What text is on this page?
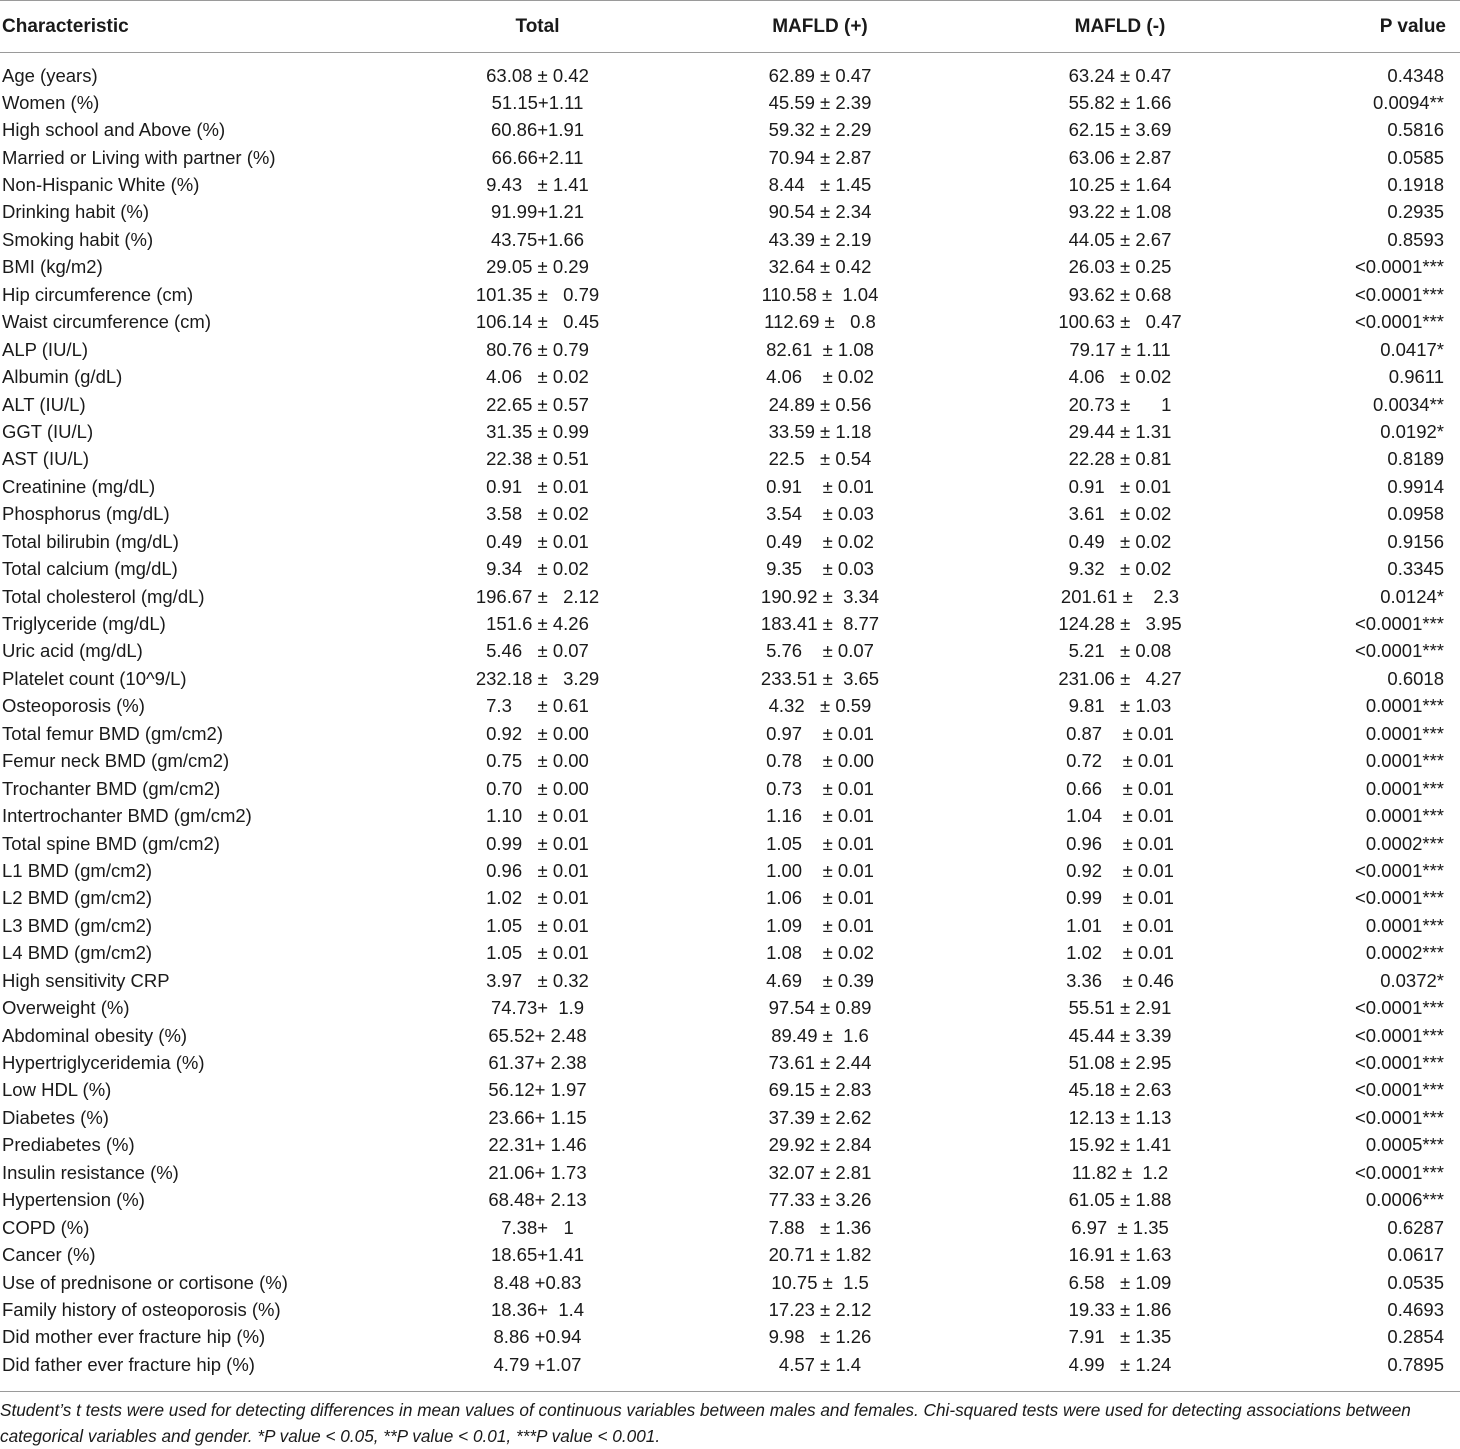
Characteristic	Total	MAFLD (+)	MAFLD (-)	P value
Age (years)	63.08 ± 0.42	62.89 ± 0.47	63.24 ± 0.47	0.4348
Women (%)	51.15+1.11	45.59 ± 2.39	55.82 ± 1.66	0.0094**
High school and Above (%)	60.86+1.91	59.32 ± 2.29	62.15 ± 3.69	0.5816
Married or Living with partner (%)	66.66+2.11	70.94 ± 2.87	63.06 ± 2.87	0.0585
Non-Hispanic White (%)	9.43   ± 1.41	8.44   ± 1.45	10.25 ± 1.64	0.1918
Drinking habit (%)	91.99+1.21	90.54 ± 2.34	93.22 ± 1.08	0.2935
Smoking habit (%)	43.75+1.66	43.39 ± 2.19	44.05 ± 2.67	0.8593
BMI (kg/m2)	29.05 ± 0.29	32.64 ± 0.42	26.03 ± 0.25	<0.0001***
Hip circumference (cm)	101.35 ±   0.79	110.58 ±  1.04	93.62 ± 0.68	<0.0001***
Waist circumference (cm)	106.14 ±   0.45	112.69 ±   0.8	100.63 ±   0.47	<0.0001***
ALP (IU/L)	80.76 ± 0.79	82.61  ± 1.08	79.17 ± 1.11	0.0417*
Albumin (g/dL)	4.06   ± 0.02	4.06    ± 0.02	4.06   ± 0.02	0.9611
ALT (IU/L)	22.65 ± 0.57	24.89 ± 0.56	20.73 ±      1	0.0034**
GGT (IU/L)	31.35 ± 0.99	33.59 ± 1.18	29.44 ± 1.31	0.0192*
AST (IU/L)	22.38 ± 0.51	22.5   ± 0.54	22.28 ± 0.81	0.8189
Creatinine (mg/dL)	0.91   ± 0.01	0.91    ± 0.01	0.91   ± 0.01	0.9914
Phosphorus (mg/dL)	3.58   ± 0.02	3.54    ± 0.03	3.61   ± 0.02	0.0958
Total bilirubin (mg/dL)	0.49   ± 0.01	0.49    ± 0.02	0.49   ± 0.02	0.9156
Total calcium (mg/dL)	9.34   ± 0.02	9.35    ± 0.03	9.32   ± 0.02	0.3345
Total cholesterol (mg/dL)	196.67 ±   2.12	190.92 ±  3.34	201.61 ±    2.3	0.0124*
Triglyceride (mg/dL)	151.6 ± 4.26	183.41 ±  8.77	124.28 ±   3.95	<0.0001***
Uric acid (mg/dL)	5.46   ± 0.07	5.76    ± 0.07	5.21   ± 0.08	<0.0001***
Platelet count (10^9/L)	232.18 ±   3.29	233.51 ±  3.65	231.06 ±   4.27	0.6018
Osteoporosis (%)	7.3     ± 0.61	4.32   ± 0.59	9.81   ± 1.03	0.0001***
Total femur BMD (gm/cm2)	0.92   ± 0.00	0.97    ± 0.01	0.87    ± 0.01	0.0001***
Femur neck BMD (gm/cm2)	0.75   ± 0.00	0.78    ± 0.00	0.72    ± 0.01	0.0001***
Trochanter BMD (gm/cm2)	0.70   ± 0.00	0.73    ± 0.01	0.66    ± 0.01	0.0001***
Intertrochanter BMD (gm/cm2)	1.10   ± 0.01	1.16    ± 0.01	1.04    ± 0.01	0.0001***
Total spine BMD (gm/cm2)	0.99   ± 0.01	1.05    ± 0.01	0.96    ± 0.01	0.0002***
L1 BMD (gm/cm2)	0.96   ± 0.01	1.00    ± 0.01	0.92    ± 0.01	<0.0001***
L2 BMD (gm/cm2)	1.02   ± 0.01	1.06    ± 0.01	0.99    ± 0.01	<0.0001***
L3 BMD (gm/cm2)	1.05   ± 0.01	1.09    ± 0.01	1.01    ± 0.01	0.0001***
L4 BMD (gm/cm2)	1.05   ± 0.01	1.08    ± 0.02	1.02    ± 0.01	0.0002***
High sensitivity CRP	3.97   ± 0.32	4.69    ± 0.39	3.36    ± 0.46	0.0372*
Overweight (%)	74.73+  1.9	97.54 ± 0.89	55.51 ± 2.91	<0.0001***
Abdominal obesity (%)	65.52+ 2.48	89.49 ±  1.6	45.44 ± 3.39	<0.0001***
Hypertriglyceridemia (%)	61.37+ 2.38	73.61 ± 2.44	51.08 ± 2.95	<0.0001***
Low HDL (%)	56.12+ 1.97	69.15 ± 2.83	45.18 ± 2.63	<0.0001***
Diabetes (%)	23.66+ 1.15	37.39 ± 2.62	12.13 ± 1.13	<0.0001***
Prediabetes (%)	22.31+ 1.46	29.92 ± 2.84	15.92 ± 1.41	0.0005***
Insulin resistance (%)	21.06+ 1.73	32.07 ± 2.81	11.82 ±  1.2	<0.0001***
Hypertension (%)	68.48+ 2.13	77.33 ± 3.26	61.05 ± 1.88	0.0006***
COPD (%)	7.38+   1	7.88   ± 1.36	6.97  ± 1.35	0.6287
Cancer (%)	18.65+1.41	20.71 ± 1.82	16.91 ± 1.63	0.0617
Use of prednisone or cortisone (%)	8.48 +0.83	10.75 ±  1.5	6.58   ± 1.09	0.0535
Family history of osteoporosis (%)	18.36+  1.4	17.23 ± 2.12	19.33 ± 1.86	0.4693
Did mother ever fracture hip (%)	8.86 +0.94	9.98   ± 1.26	7.91   ± 1.35	0.2854
Did father ever fracture hip (%)	4.79 +1.07	4.57 ± 1.4	4.99   ± 1.24	0.7895
Student’s t tests were used for detecting differences in mean values of continuous variables between males and females. Chi-squared tests were used for detecting associations between categorical variables and gender. *P value < 0.05, **P value < 0.01, ***P value < 0.001.
